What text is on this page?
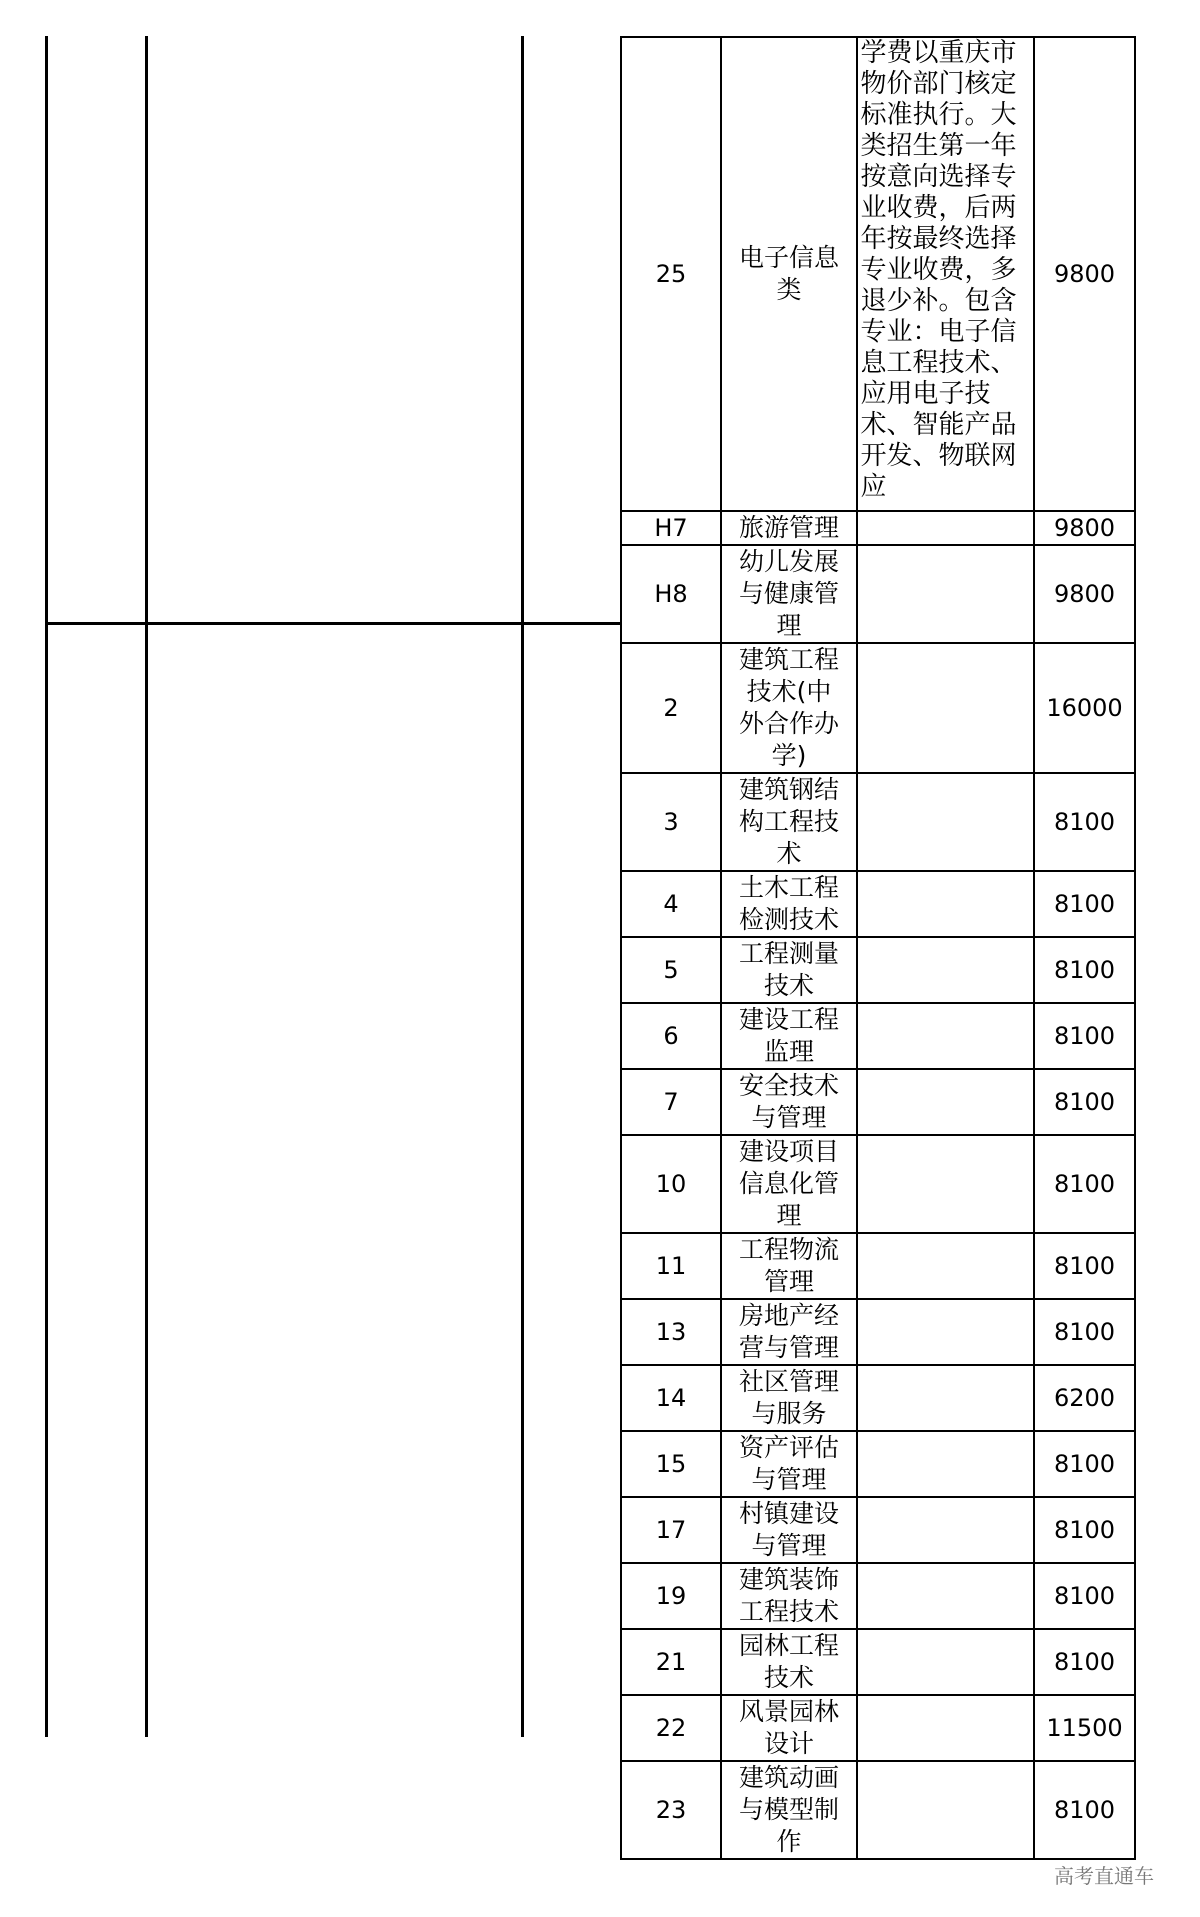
25	电子信息类	学费以重庆市物价部门核定标准执行。大类招生第一年按意向选择专业收费，后两年按最终选择专业收费，多退少补。包含专业：电子信息工程技术、应用电子技术、智能产品开发、物联网应	9800
H7	旅游管理		9800
H8	幼儿发展与健康管理		9800
2	建筑工程技术(中外合作办学)		16000
3	建筑钢结构工程技术		8100
4	土木工程检测技术		8100
5	工程测量技术		8100
6	建设工程监理		8100
7	安全技术与管理		8100
10	建设项目信息化管理		8100
11	工程物流管理		8100
13	房地产经营与管理		8100
14	社区管理与服务		6200
15	资产评估与管理		8100
17	村镇建设与管理		8100
19	建筑装饰工程技术		8100
21	园林工程技术		8100
22	风景园林设计		11500
23	建筑动画与模型制作		8100
高考直通车
